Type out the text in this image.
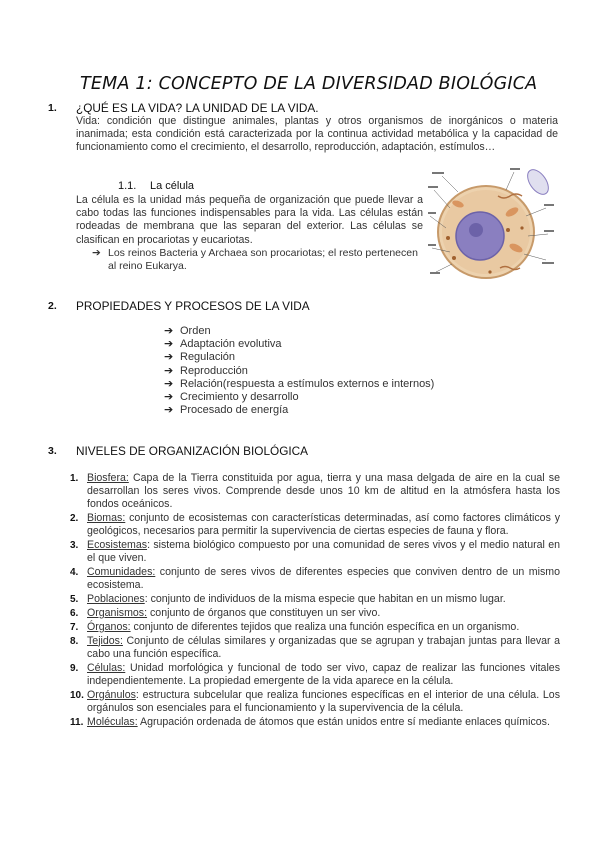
TEMA 1: CONCEPTO DE LA DIVERSIDAD BIOLÓGICA
1. ¿QUÉ ES LA VIDA? LA UNIDAD DE LA VIDA.

Vida: condición que distingue animales, plantas y otros organismos de inorgánicos o materia inanimada; esta condición está caracterizada por la continua actividad metabólica y la capacidad de funcionamiento como el crecimiento, el desarrollo, reproducción, adaptación, estímulos…

1.1. La célula

La célula es la unidad más pequeña de organización que puede llevar a cabo todas las funciones indispensables para la vida. Las células están rodeadas de membrana que las separan del exterior. Las células se clasifican en procariotas y eucariotas.

➔ Los reinos Bacteria y Archaea son procariotas; el resto pertenecen al reino Eukarya.
2. PROPIEDADES Y PROCESOS DE LA VIDA
➔ Orden
➔ Adaptación evolutiva
➔ Regulación
➔ Reproducción
➔ Relación(respuesta a estímulos externos e internos)
➔ Crecimiento y desarrollo
➔ Procesado de energía
3. NIVELES DE ORGANIZACIÓN BIOLÓGICA
1. Biosfera: Capa de la Tierra constituida por agua, tierra y una masa delgada de aire en la cual se desarrollan los seres vivos. Comprende desde unos 10 km de altitud en la atmósfera hasta los fondos oceánicos.
2. Biomas: conjunto de ecosistemas con características determinadas, así como factores climáticos y geológicos, necesarios para permitir la supervivencia de ciertas especies de fauna y flora.
3. Ecosistemas: sistema biológico compuesto por una comunidad de seres vivos y el medio natural en el que viven.
4. Comunidades: conjunto de seres vivos de diferentes especies que conviven dentro de un mismo ecosistema.
5. Poblaciones: conjunto de individuos de la misma especie que habitan en un mismo lugar.
6. Organismos: conjunto de órganos que constituyen un ser vivo.
7. Órganos: conjunto de diferentes tejidos que realiza una función específica en un organismo.
8. Tejidos: Conjunto de células similares y organizadas que se agrupan y trabajan juntas para llevar a cabo una función específica.
9. Células: Unidad morfológica y funcional de todo ser vivo, capaz de realizar las funciones vitales independientemente. La propiedad emergente de la vida aparece en la célula.
10. Orgánulos: estructura subcelular que realiza funciones específicas en el interior de una célula. Los orgánulos son esenciales para el funcionamiento y la supervivencia de la célula.
11. Moléculas: Agrupación ordenada de átomos que están unidos entre sí mediante enlaces químicos.
